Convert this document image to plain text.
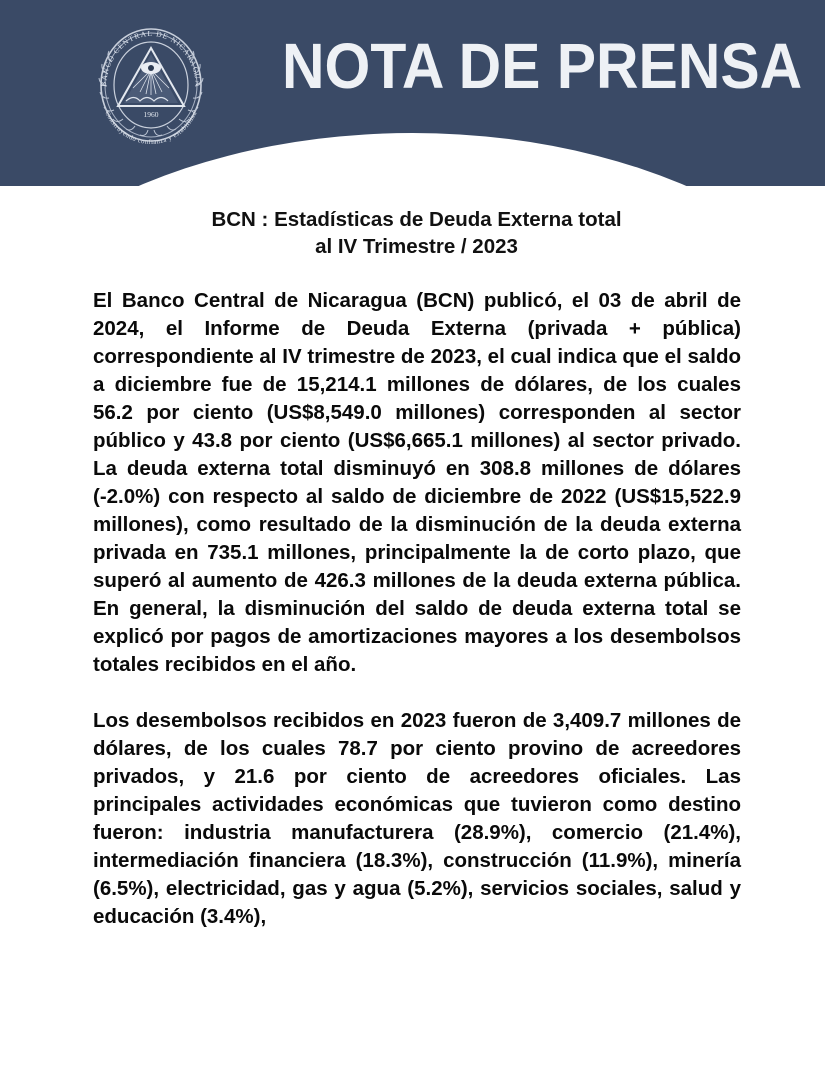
BANCO CENTRAL DE NICARAGUA
Construyendo confianza y estabilidad
1960
NOTA DE PRENSA
BCN : Estadísticas de Deuda Externa total
al IV Trimestre / 2023

El Banco Central de Nicaragua (BCN) publicó, el 03 de abril de 2024, el Informe de Deuda Externa (privada + pública) correspondiente al IV trimestre de 2023, el cual indica que el saldo a diciembre fue de 15,214.1 millones de dólares, de los cuales 56.2 por ciento (US$8,549.0 millones) corresponden al sector público y 43.8 por ciento (US$6,665.1 millones) al sector privado. La deuda externa total disminuyó en 308.8 millones de dólares (-2.0%) con respecto al saldo de diciembre de 2022 (US$15,522.9 millones), como resultado de la disminución de la deuda externa privada en 735.1 millones, principalmente la de corto plazo, que superó al aumento de 426.3 millones de la deuda externa pública. En general, la disminución del saldo de deuda externa total se explicó por pagos de amortizaciones mayores a los desembolsos totales recibidos en el año.

Los desembolsos recibidos en 2023 fueron de 3,409.7 millones de dólares, de los cuales 78.7 por ciento provino de acreedores privados, y 21.6 por ciento de acreedores oficiales. Las principales actividades económicas que tuvieron como destino fueron: industria manufacturera (28.9%), comercio (21.4%), intermediación financiera (18.3%), construcción (11.9%), minería (6.5%), electricidad, gas y agua (5.2%), servicios sociales, salud y educación (3.4%),
